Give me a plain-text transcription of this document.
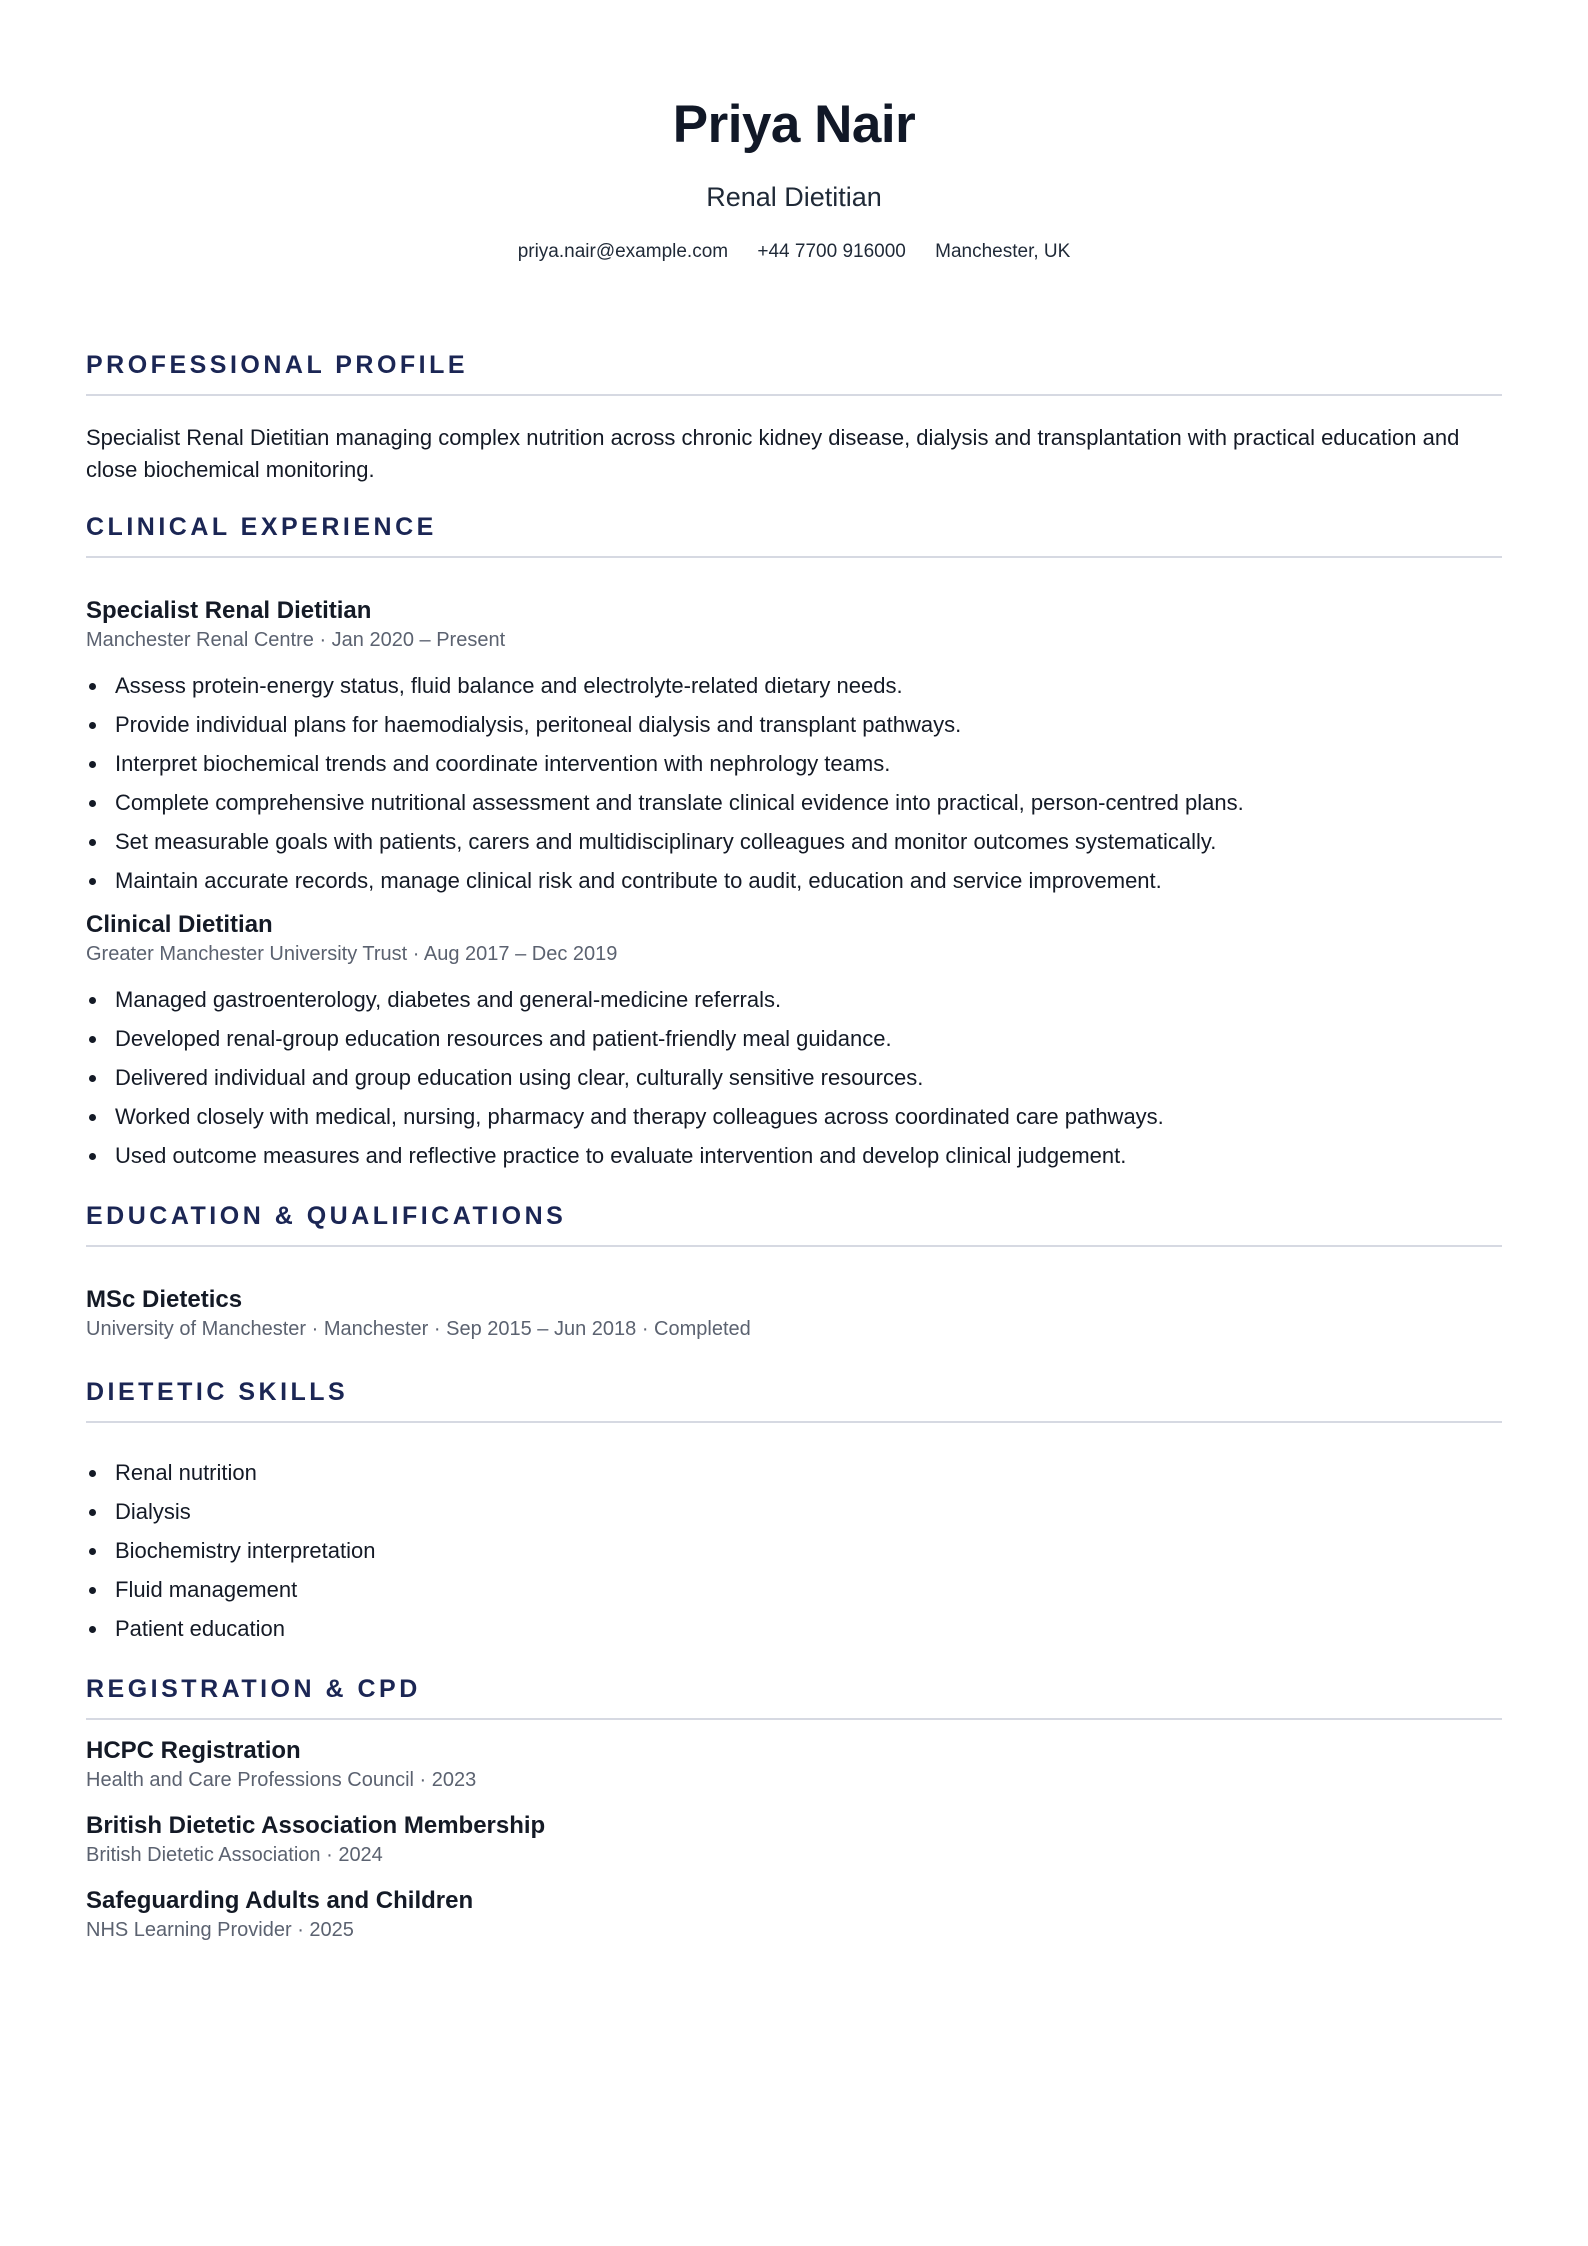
Priya Nair
Renal Dietitian
priya.nair@example.com +44 7700 916000 Manchester, UK
PROFESSIONAL PROFILE
Specialist Renal Dietitian managing complex nutrition across chronic kidney disease, dialysis and transplantation with practical education and close biochemical monitoring.
CLINICAL EXPERIENCE
Specialist Renal Dietitian
Manchester Renal Centre · Jan 2020 – Present
Assess protein-energy status, fluid balance and electrolyte-related dietary needs.
Provide individual plans for haemodialysis, peritoneal dialysis and transplant pathways.
Interpret biochemical trends and coordinate intervention with nephrology teams.
Complete comprehensive nutritional assessment and translate clinical evidence into practical, person-centred plans.
Set measurable goals with patients, carers and multidisciplinary colleagues and monitor outcomes systematically.
Maintain accurate records, manage clinical risk and contribute to audit, education and service improvement.
Clinical Dietitian
Greater Manchester University Trust · Aug 2017 – Dec 2019
Managed gastroenterology, diabetes and general-medicine referrals.
Developed renal-group education resources and patient-friendly meal guidance.
Delivered individual and group education using clear, culturally sensitive resources.
Worked closely with medical, nursing, pharmacy and therapy colleagues across coordinated care pathways.
Used outcome measures and reflective practice to evaluate intervention and develop clinical judgement.
EDUCATION & QUALIFICATIONS
MSc Dietetics
University of Manchester · Manchester · Sep 2015 – Jun 2018 · Completed
DIETETIC SKILLS
Renal nutrition
Dialysis
Biochemistry interpretation
Fluid management
Patient education
REGISTRATION & CPD
HCPC Registration
Health and Care Professions Council · 2023
British Dietetic Association Membership
British Dietetic Association · 2024
Safeguarding Adults and Children
NHS Learning Provider · 2025
